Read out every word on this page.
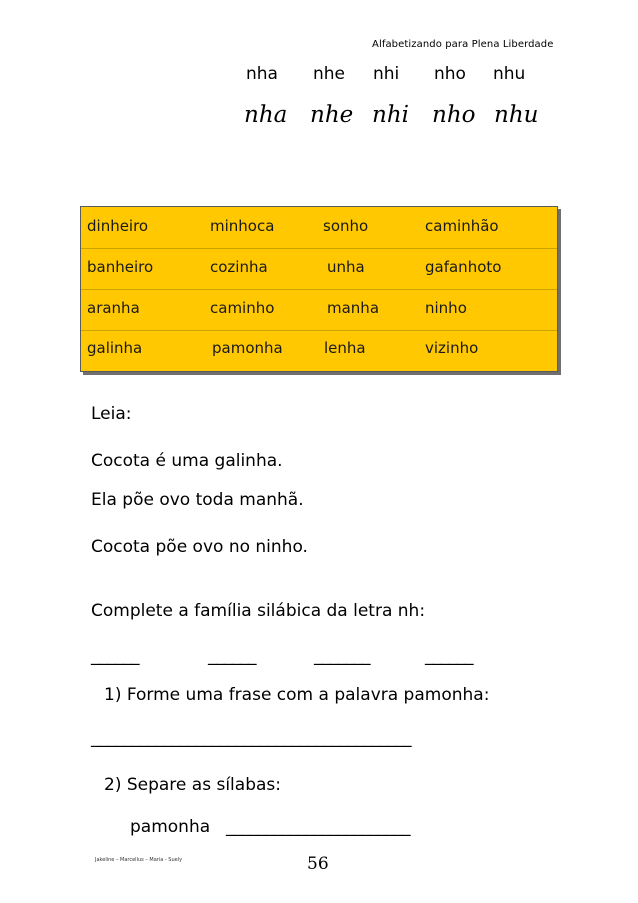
Alfabetizando para Plena Liberdade
nha nhe nhi nho nhu
nha nhe nhi nho nhu
dinheiro	minhoca	sonho	caminhão
banheiro	cozinha	unha	gafanhoto
aranha	caminho	manha	ninho
galinha	pamonha	lenha	vizinho
Leia:
Cocota é uma galinha.
Ela põe ovo toda manhã.
Cocota põe ovo no ninho.
Complete a família silábica da letra nh:
______	______	_______	______
1) Forme uma frase com a palavra pamonha:
________________________________________
2) Separe as sílabas:
pamonha _______________________
Jakeline – Marcellus – Maria - Suely	56
